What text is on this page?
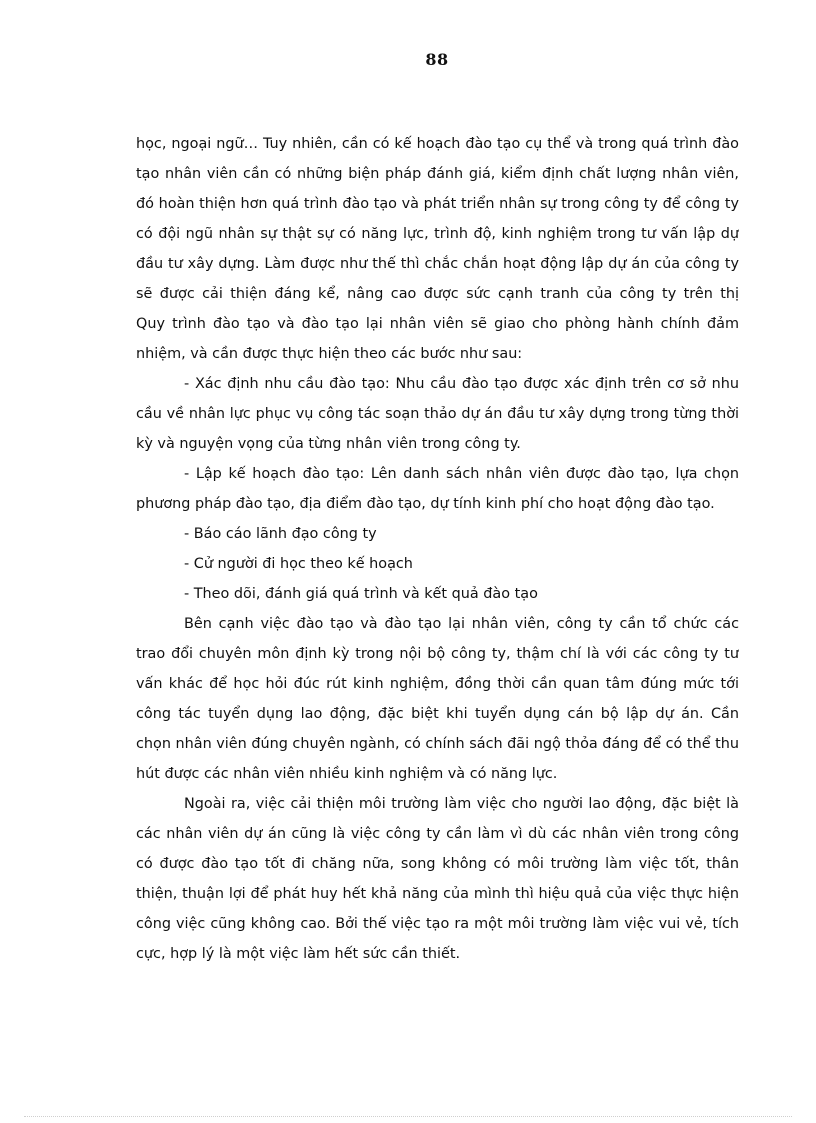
88
học, ngoại ngữ… Tuy nhiên, cần có kế hoạch đào tạo cụ thể và trong quá trình đào
tạo nhân viên cần có những biện pháp đánh giá, kiểm định chất lượng nhân viên,
đó hoàn thiện hơn quá trình đào tạo và phát triển nhân sự trong công ty để công ty
có đội ngũ nhân sự thật sự có năng lực, trình độ, kinh nghiệm trong tư vấn lập dự
đầu tư xây dựng. Làm được như thế thì chắc chắn hoạt động lập dự án của công ty
sẽ được cải thiện đáng kể, nâng cao được sức cạnh tranh của công ty trên thị
Quy trình đào tạo và đào tạo lại nhân viên sẽ giao cho phòng hành chính đảm
nhiệm, và cần được thực hiện theo các bước như sau:
- Xác định nhu cầu đào tạo: Nhu cầu đào tạo được xác định trên cơ sở nhu
cầu về nhân lực phục vụ công tác soạn thảo dự án đầu tư xây dựng trong từng thời
kỳ và nguyện vọng của từng nhân viên trong công ty.
- Lập kế hoạch đào tạo: Lên danh sách nhân viên được đào tạo, lựa chọn
phương pháp đào tạo, địa điểm đào tạo, dự tính kinh phí cho hoạt động đào tạo.
- Báo cáo lãnh đạo công ty
- Cử người đi học theo kế hoạch
- Theo dõi, đánh giá quá trình và kết quả đào tạo
Bên cạnh việc đào tạo và đào tạo lại nhân viên, công ty cần tổ chức các
trao đổi chuyên môn định kỳ trong nội bộ công ty, thậm chí là với các công ty tư
vấn khác để học hỏi đúc rút kinh nghiệm, đồng thời cần quan tâm đúng mức tới
công tác tuyển dụng lao động, đặc biệt khi tuyển dụng cán bộ lập dự án. Cần
chọn nhân viên đúng chuyên ngành, có chính sách đãi ngộ thỏa đáng để có thể thu
hút được các nhân viên nhiều kinh nghiệm và có năng lực.
Ngoài ra, việc cải thiện môi trường làm việc cho người lao động, đặc biệt là
các nhân viên dự án cũng là việc công ty cần làm vì dù các nhân viên trong công
có được đào tạo tốt đi chăng nữa, song không có môi trường làm việc tốt, thân
thiện, thuận lợi để phát huy hết khả năng của mình thì hiệu quả của việc thực hiện
công việc cũng không cao. Bởi thế việc tạo ra một môi trường làm việc vui vẻ, tích
cực, hợp lý là một việc làm hết sức cần thiết.
